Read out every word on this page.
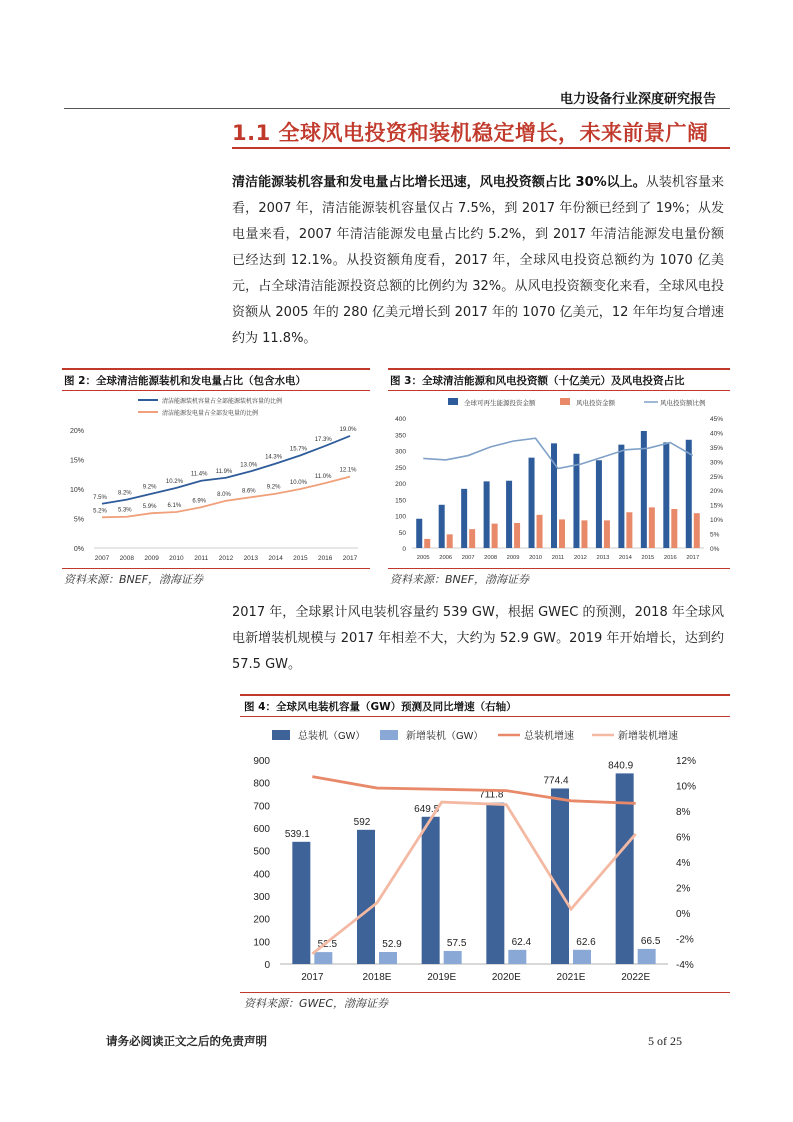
电力设备行业深度研究报告
1.1 全球风电投资和装机稳定增长，未来前景广阔
清洁能源装机容量和发电量占比增长迅速，风电投资额占比 30%以上。从装机容量来看，2007 年，清洁能源装机容量仅占 7.5%，到 2017 年份额已经到了 19%；从发电量来看，2007 年清洁能源发电量占比约 5.2%，到 2017 年清洁能源发电量份额已经达到 12.1%。从投资额角度看，2017 年，全球风电投资总额约为 1070 亿美元，占全球清洁能源投资总额的比例约为 32%。从风电投资额变化来看，全球风电投资额从 2005 年的 280 亿美元增长到 2017 年的 1070 亿美元，12 年年均复合增速约为 11.8%。
图 2：全球清洁能源装机和发电量占比（包含水电）
清洁能源装机容量占全部能源装机容量的比例
清洁能源发电量占全部发电量的比例
0%
5%
10%
15%
20%
2007 2008 2009 2010 2011 2012 2013 2014 2015 2016 2017
7.5%
8.2%
9.2%
10.2%
11.4% 11.9%
13.0%
14.3%
15.7%
17.3%
19.0%
5.2% 5.3%
5.9% 6.1%
6.9%
8.0%
8.6%
9.2%
10.0%
11.0%
12.1%
资料来源：BNEF，渤海证券
图 3：全球清洁能源和风电投资额（十亿美元）及风电投资占比
全球可再生能源投资金额	风电投资金额	风电投资额比例
0
50
100
150
200
250
300
350
400
0%
5%
10%
15%
20%
25%
30%
35%
40%
45%
2005 2006 2007 2008 2009 2010 2011 2012 2013 2014 2015 2016 2017
资料来源：BNEF，渤海证券
2017 年，全球累计风电装机容量约 539 GW，根据 GWEC 的预测，2018 年全球风电新增装机规模与 2017 年相差不大，大约为 52.9 GW。2019 年开始增长，达到约 57.5 GW。
图 4：全球风电装机容量（GW）预测及同比增速（右轴）
总装机（GW）	新增装机（GW）	总装机增速	新增装机增速
0
100
200
300
400
500
600
700
800
900
-4%
-2%
0%
2%
4%
6%
8%
10%
12%
2017	2018E	2019E	2020E	2021E	2022E
539.1
592
649.5
711.8
774.4
840.9
52.5	52.9	57.5	62.4	62.6	66.5
资料来源：GWEC，渤海证券
请务必阅读正文之后的免责声明	5 of 25
